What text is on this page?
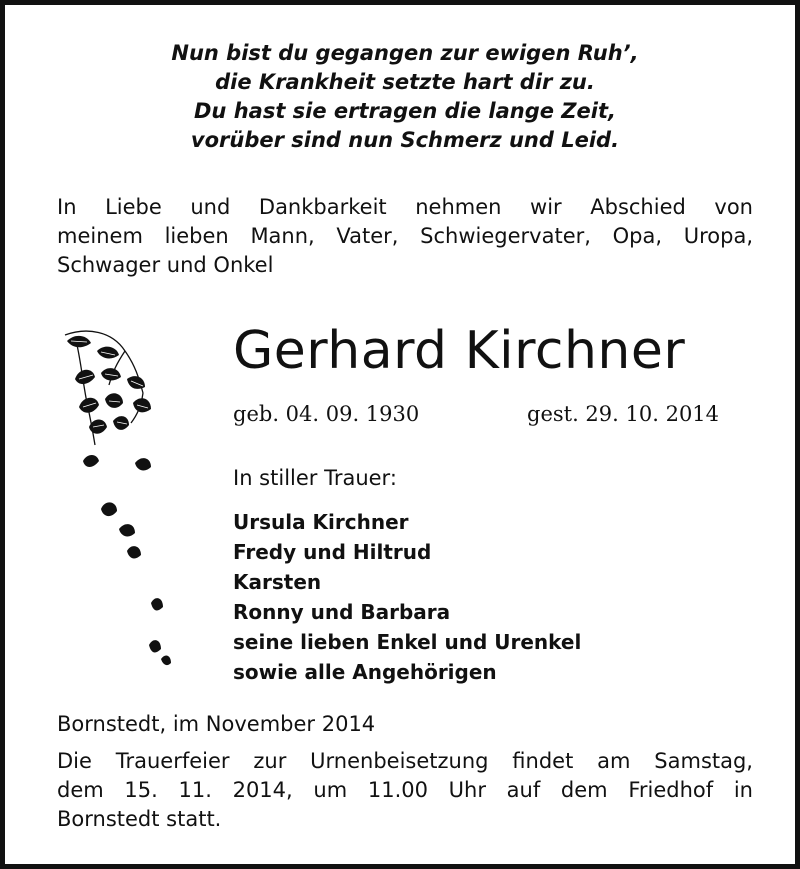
Nun bist du gegangen zur ewigen Ruh’,
die Krankheit setzte hart dir zu.
Du hast sie ertragen die lange Zeit,
vorüber sind nun Schmerz und Leid.
In Liebe und Dankbarkeit nehmen wir Abschied von
meinem lieben Mann, Vater, Schwiegervater, Opa, Uropa,
Schwager und Onkel
Gerhard Kirchner
geb. 04. 09. 1930	gest. 29. 10. 2014
In stiller Trauer:
Ursula Kirchner
Fredy und Hiltrud
Karsten
Ronny und Barbara
seine lieben Enkel und Urenkel
sowie alle Angehörigen
Bornstedt, im November 2014
Die Trauerfeier zur Urnenbeisetzung findet am Samstag,
dem 15. 11. 2014, um 11.00 Uhr auf dem Friedhof in
Bornstedt statt.
